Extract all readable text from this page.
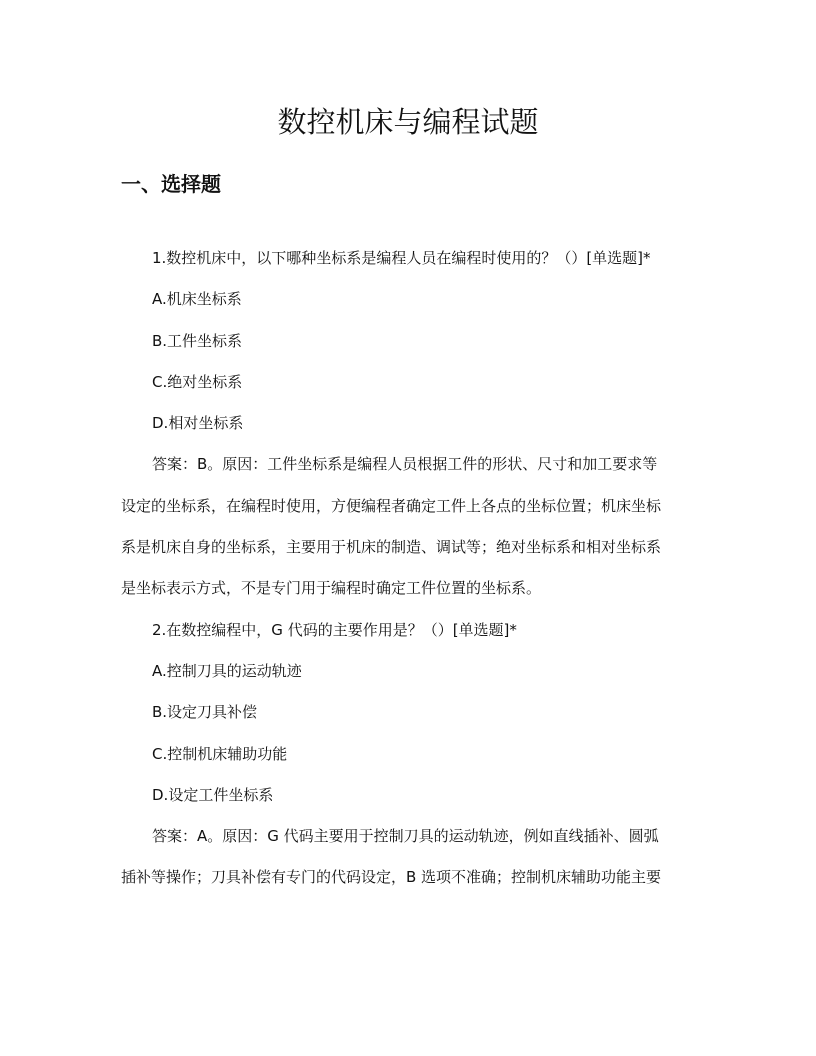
数控机床与编程试题
一、选择题

1.数控机床中，以下哪种坐标系是编程人员在编程时使用的？（）[单选题]*

A.机床坐标系

B.工件坐标系

C.绝对坐标系

D.相对坐标系

答案：B。原因：工件坐标系是编程人员根据工件的形状、尺寸和加工要求等

设定的坐标系，在编程时使用，方便编程者确定工件上各点的坐标位置；机床坐标

系是机床自身的坐标系，主要用于机床的制造、调试等；绝对坐标系和相对坐标系

是坐标表示方式，不是专门用于编程时确定工件位置的坐标系。

2.在数控编程中，G 代码的主要作用是？（）[单选题]*

A.控制刀具的运动轨迹

B.设定刀具补偿

C.控制机床辅助功能

D.设定工件坐标系

答案：A。原因：G 代码主要用于控制刀具的运动轨迹，例如直线插补、圆弧

插补等操作；刀具补偿有专门的代码设定，B 选项不准确；控制机床辅助功能主要
